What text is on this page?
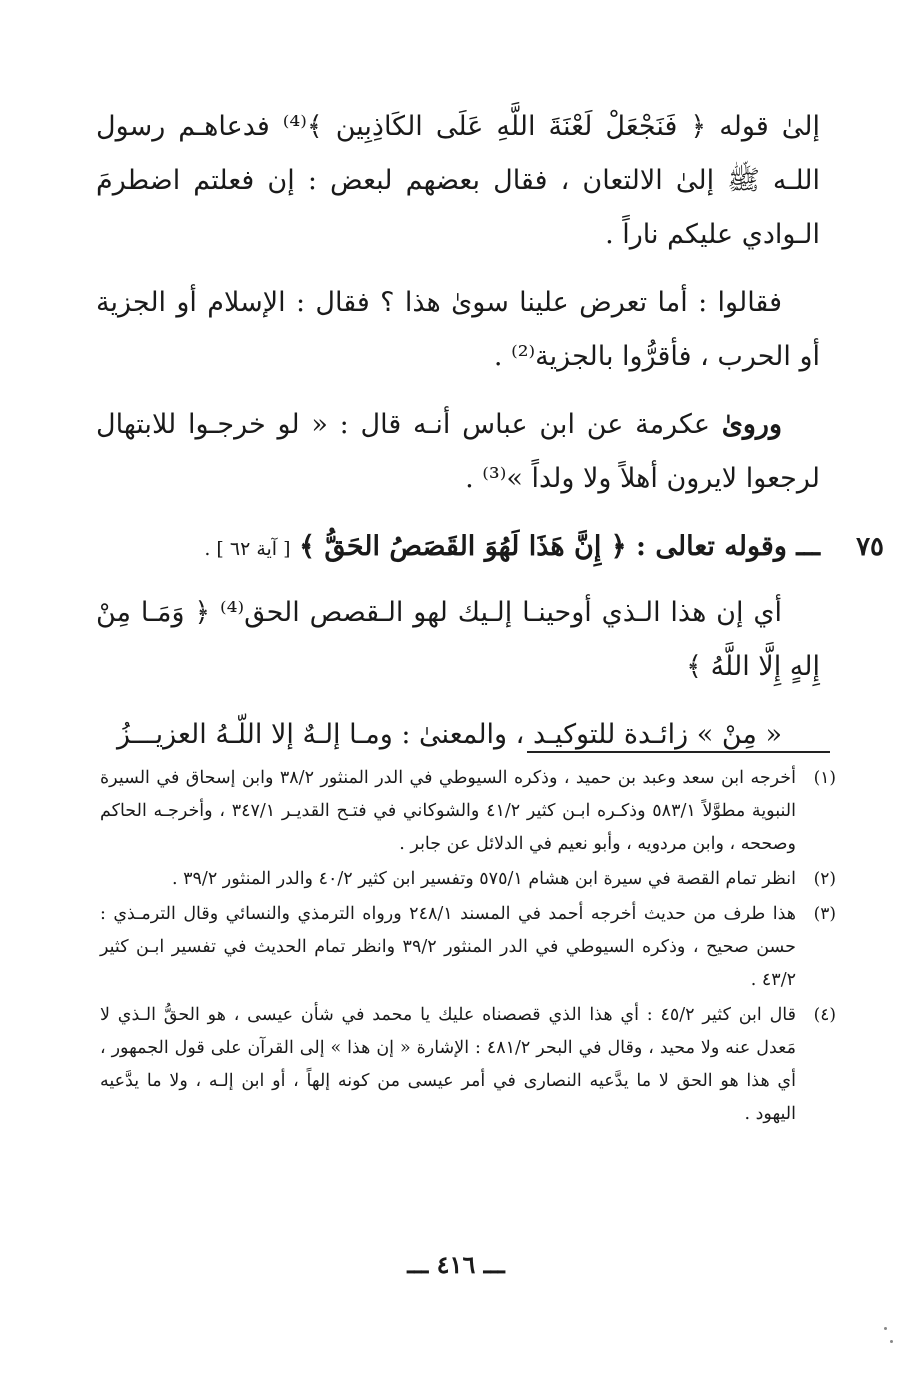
إلىٰ قوله ﴿ فَنَجْعَلْ لَعْنَةَ اللَّهِ عَلَى الكَاذِبِين ﴾⁽⁴⁾ فدعاهـم رسول اللـه ﷺ إلىٰ الالتعان ، فقال بعضهم لبعض : إن فعلتم اضطرمَ الـوادي عليكم ناراً .

فقالوا : أما تعرض علينا سوىٰ هذا ؟ فقال : الإسلام أو الجزية أو الحرب ، فأقرُّوا بالجزية⁽²⁾ .

وروىٰ عكرمة عن ابن عباس أنـه قال : « لو خرجـوا للابتهال لرجعوا لايرون أهلاً ولا ولداً »⁽³⁾ .

٧٥
ـــ وقوله تعالى : ﴿ إِنَّ هَذَا لَهُوَ القَصَصُ الحَقُّ ﴾ [ آية ٦٢ ] .

أي إن هذا الـذي أوحينـا إلـيك لهو الـقصص الحق⁽⁴⁾ ﴿ وَمَـا مِنْ إِلهٍ إِلَّا اللَّهُ ﴾

« مِنْ » زائـدة للتوكيـد ، والمعنىٰ : ومـا إلـهٌ إلا اللّـهُ العزيـــزُ

(١)
أخرجه ابن سعد وعبد بن حميد ، وذكره السيوطي في الدر المنثور ٣٨/٢ وابن إسحاق في السيرة النبوية مطوَّلاً ٥٨٣/١ وذكـره ابـن كثير ٤١/٢ والشوكاني في فتـح القديـر ٣٤٧/١ ، وأخرجـه الحاكم وصححه ، وابن مردويه ، وأبو نعيم في الدلائل عن جابر .
(٢)
انظر تمام القصة في سيرة ابن هشام ٥٧٥/١ وتفسير ابن كثير ٤٠/٢ والدر المنثور ٣٩/٢ .
(٣)
هذا طرف من حديث أخرجه أحمد في المسند ٢٤٨/١ ورواه الترمذي والنسائي وقال الترمـذي : حسن صحيح ، وذكره السيوطي في الدر المنثور ٣٩/٢ وانظر تمام الحديث في تفسير ابـن كثير ٤٣/٢ .
(٤)
قال ابن كثير ٤٥/٢ : أي هذا الذي قصصناه عليك يا محمد في شأن عيسى ، هو الحقُّ الـذي لا مَعدل عنه ولا محيد ، وقال في البحر ٤٨١/٢ : الإشارة « إن هذا » إلى القرآن على قول الجمهور ، أي هذا هو الحق لا ما يدَّعيه النصارى في أمر عيسى من كونه إلهاً ، أو ابن إلـه ، ولا ما يدَّعيه اليهود .
ـــ ٤١٦ ـــ
